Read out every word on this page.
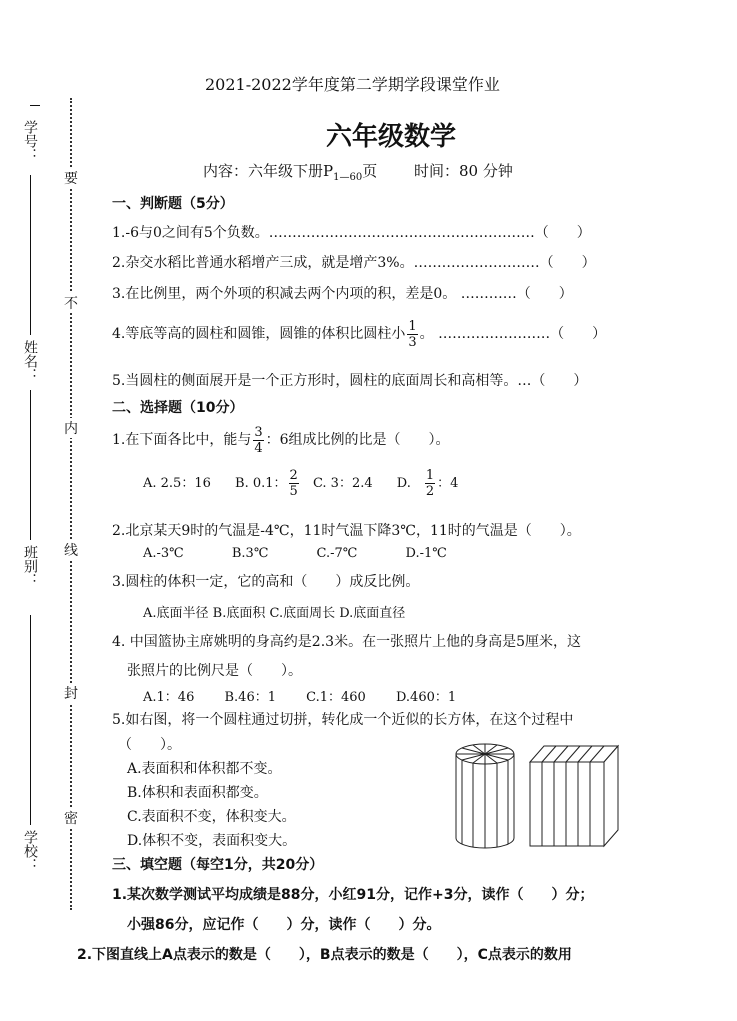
学号：
姓名：
班别：
学校：
要
不
内
线
封
密
2021-2022学年度第二学期学段课堂作业
六年级数学
内容：六年级下册$P_{1—60}$页 时间：80 分钟
一、判断题（5分）
1.-6与0之间有5个负数。…………………………………………………（　　）
2.杂交水稻比普通水稻增产三成，就是增产3%。………………………（　　）
3.在比例里，两个外项的积减去两个内项的积，差是0。 …………（　　）
4.等底等高的圆柱和圆锥，圆锥的体积比圆柱小 $\frac{1}{3}$ 。 ……………………（　　）
5.当圆柱的侧面展开是一个正方形时，圆柱的底面周长和高相等。…（　　）
二、选择题（10分）
1.在下面各比中，能与 $\frac{3}{4}$ ：6组成比例的比是（　　）。
A. 2.5：16 B. 0.1： $\frac{2}{5} C$. 3：2.4 D. $\frac{1}{2}$ ：4
2.北京某天9时的气温是-4℃，11时气温下降3℃，11时的气温是（　　）。
A.-3℃	B.3℃	C.-7℃	D.-1℃
3.圆柱的体积一定，它的高和（　　）成反比例。
A.底面半径 B.底面积 C.底面周长 D.底面直径
4. 中国篮协主席姚明的身高约是2.3米。在一张照片上他的身高是5厘米，这
张照片的比例尺是（　　）。
A.1：46 B.46：1 C.1：460 D.460：1
5.如右图，将一个圆柱通过切拼，转化成一个近似的长方体，在这个过程中
（　　）。
A.表面积和体积都不变。
B.体积和表面积都变。
C.表面积不变，体积变大。
D.体积不变，表面积变大。
三、填空题（每空1分，共20分）
1.某次数学测试平均成绩是88分，小红91分，记作+3分，读作（　　）分；
小强86分，应记作（　　）分，读作（　　）分。
2.下图直线上A点表示的数是（　　），B点表示的数是（　　），C点表示的数用
